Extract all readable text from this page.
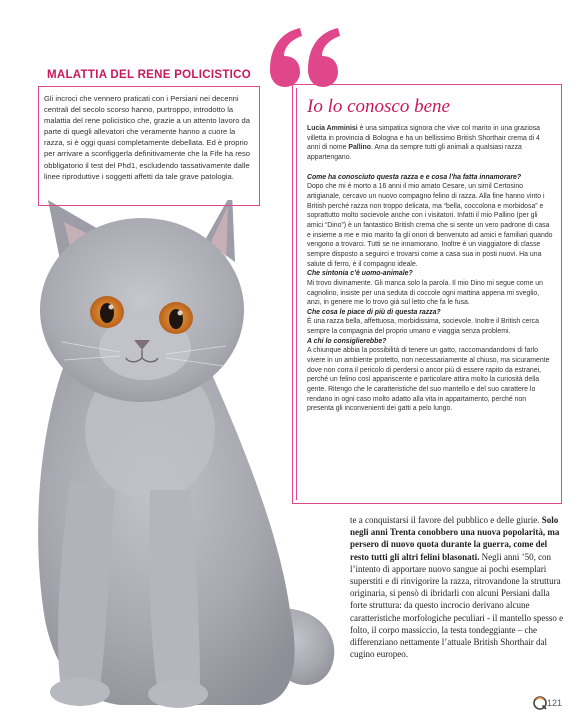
MALATTIA DEL RENE POLICISTICO

Gli incroci che vennero praticati con i Persiani nei decenni centrali del secolo scorso hanno, purtroppo, introdotto la malattia del rene policistico che, grazie a un attento lavoro da parte di quegli allevatori che veramente hanno a cuore la razza, si è oggi quasi completamente debellata. Ed è proprio per arrivare a sconfiggerla definitivamente che la Fife ha reso obbligatorio il test del Phd1, escludendo tassativamente dalle linee riproduttive i soggetti affetti da tale grave patologia.

Io lo conosco bene

Lucia Amminisi è una simpatica signora che vive col marito in una graziosa villetta in provincia di Bologna e ha un bellissimo British Shorthair crema di 4 anni di nome Pallino. Ama da sempre tutti gli animali a qualsiasi razza appartengano.

Come ha conosciuto questa razza e e cosa l’ha fatta innamorare?

Dopo che mi è morto a 16 anni il mio amato Cesare, un simil Certosino artigianale, cercavo un nuovo compagno felino di razza. Alla fine hanno vinto i British perché razza non troppo delicata, ma “bella, coccolona e morbidosa” e soprattutto molto socievole anche con i visitatori. Infatti il mio Pallino (per gli amici “Dino”) è un fantastico British crema che si sente un vero padrone di casa e insieme a me e mio marito fa gli onori di benvenuto ad amici e familiari quando vengono a trovarci. Tutti se ne innamorano. Inoltre è un viaggiatore di classe sempre disposto a seguirci e trovarsi come a casa sua in posti nuovi. Ha una salute di ferro, è il compagno ideale.

Che sintonia c’è uomo-animale?

Mi trovo divinamente. Gli manca solo la parola. Il mio Dino mi segue come un cagnolino, insiste per una seduta di coccole ogni mattina appena mi sveglio, anzi, in genere me lo trovo già sul letto che fa le fusa.

Che cosa le piace di più di questa razza?

È una razza bella, affettuosa, morbidissima, socievole. Inoltre il British cerca sempre la compagnia del proprio umano e viaggia senza problemi.

A chi lo consiglierebbe?

A chiunque abbia la possibilità di tenere un gatto, raccomandandomi di farlo vivere in un ambiente protetto, non necessariamente al chiuso, ma sicuramente dove non corra il pericolo di perdersi o ancor più di essere rapito da estranei, perché un felino così appariscente e particolare attira molto la curiosità della gente. Ritengo che le caratteristiche del suo mantello e del suo carattere lo rendano in ogni caso molto adatto alla vita in appartamento, perché non presenta gli inconvenienti dei gatti a pelo lungo.

te a conquistarsi il favore del pubblico e delle giurie. Solo negli anni Trenta conobbero una nuova popolarità, ma persero di nuovo quota durante la guerra, come del resto tutti gli altri felini blasonati. Negli anni ’50, con l’intento di apportare nuovo sangue ai pochi esemplari superstiti e di rinvigorire la razza, ritrovandone la struttura originaria, si pensò di ibridarli con alcuni Persiani dalla forte struttura: da questo incrocio derivano alcune caratteristiche morfologiche peculiari - il mantello spesso e folto, il corpo massiccio, la testa tondeggiante – che differenziano nettamente l’attuale British Shorthair dal cugino europeo.

121
